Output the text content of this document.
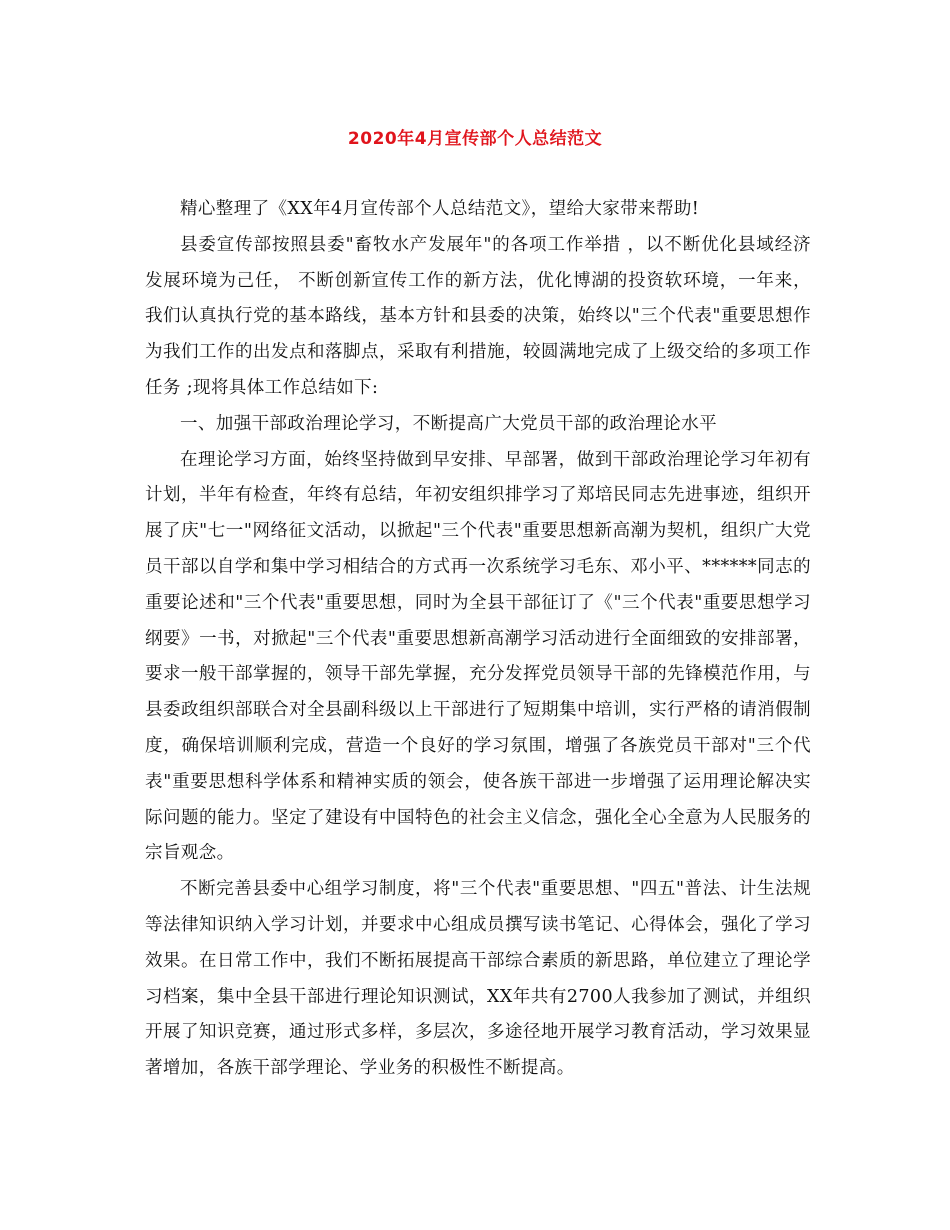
2020年4月宣传部个人总结范文

精心整理了《XX年4月宣传部个人总结范文》，望给大家带来帮助!

县委宣传部按照县委"畜牧水产发展年"的各项工作举措 ，以不断优化县域经济发展环境为己任， 不断创新宣传工作的新方法，优化博湖的投资软环境，一年来，我们认真执行党的基本路线，基本方针和县委的决策，始终以"三个代表"重要思想作为我们工作的出发点和落脚点，采取有利措施，较圆满地完成了上级交给的多项工作任务 ;现将具体工作总结如下:

一、加强干部政治理论学习，不断提高广大党员干部的政治理论水平

在理论学习方面，始终坚持做到早安排、早部署，做到干部政治理论学习年初有计划，半年有检查，年终有总结，年初安组织排学习了郑培民同志先进事迹，组织开展了庆"七一"网络征文活动，以掀起"三个代表"重要思想新高潮为契机，组织广大党员干部以自学和集中学习相结合的方式再一次系统学习毛东、邓小平、******同志的重要论述和"三个代表"重要思想，同时为全县干部征订了《"三个代表"重要思想学习纲要》一书，对掀起"三个代表"重要思想新高潮学习活动进行全面细致的安排部署，要求一般干部掌握的，领导干部先掌握，充分发挥党员领导干部的先锋模范作用，与县委政组织部联合对全县副科级以上干部进行了短期集中培训，实行严格的请消假制度，确保培训顺利完成，营造一个良好的学习氛围，增强了各族党员干部对"三个代表"重要思想科学体系和精神实质的领会，使各族干部进一步增强了运用理论解决实际问题的能力。坚定了建设有中国特色的社会主义信念，强化全心全意为人民服务的宗旨观念。

不断完善县委中心组学习制度，将"三个代表"重要思想、"四五"普法、计生法规等法律知识纳入学习计划，并要求中心组成员撰写读书笔记、心得体会，强化了学习效果。在日常工作中，我们不断拓展提高干部综合素质的新思路，单位建立了理论学习档案，集中全县干部进行理论知识测试，XX年共有2700人我参加了测试，并组织开展了知识竞赛，通过形式多样，多层次，多途径地开展学习教育活动，学习效果显著增加，各族干部学理论、学业务的积极性不断提高。
